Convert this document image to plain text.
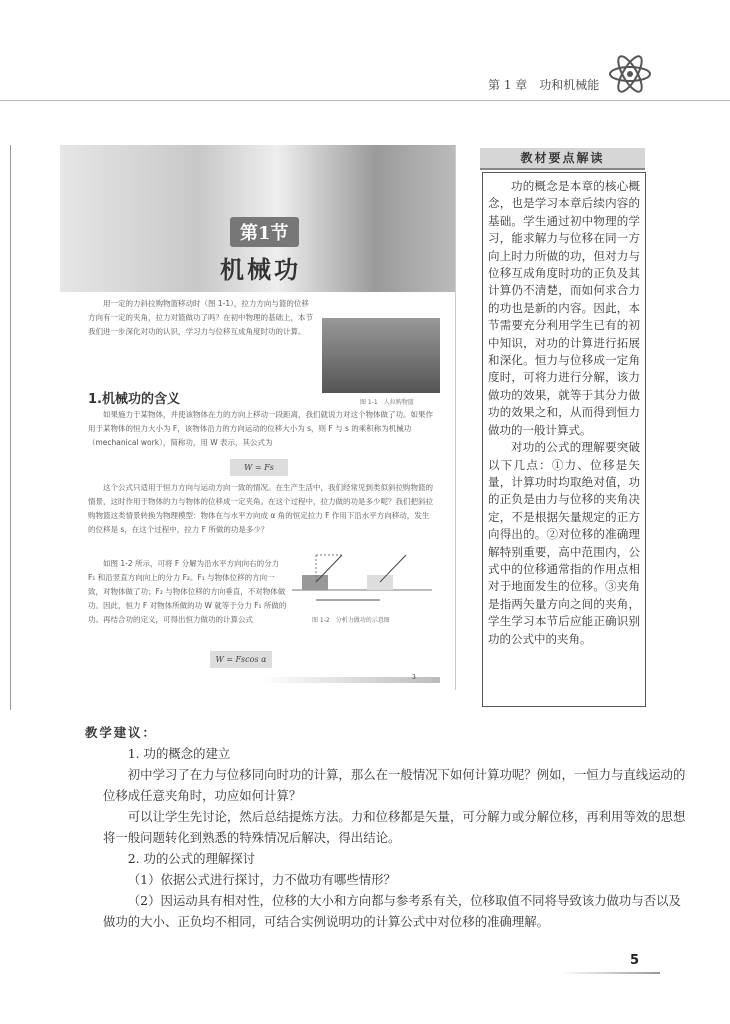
第 1 章　功和机械能
第1节
机械功
用一定的力斜拉购物篮移动时（图 1-1），拉力方向与篮的位移方向有一定的夹角，拉力对篮做功了吗？在初中物理的基础上，本节我们进一步深化对功的认识，学习力与位移互成角度时功的计算。
图 1-1　人拉购物篮
1.机械功的含义
如果施力于某物体，并使该物体在力的方向上移动一段距离，我们就说力对这个物体做了功。如果作用于某物体的恒力大小为 F，该物体沿力的方向运动的位移大小为 s，则 F 与 s 的乘积称为机械功（mechanical work），简称功，用 W 表示，其公式为
W = Fs
这个公式只适用于恒力方向与运动方向一致的情况。在生产生活中，我们经常见到类似斜拉购物篮的情景，这时作用于物体的力与物体的位移成一定夹角。在这个过程中，拉力做的功是多少呢？我们把斜拉购物篮这类情景转换为物理模型：物体在与水平方向成 α 角的恒定拉力 F 作用下沿水平方向移动，发生的位移是 s，在这个过程中，拉力 F 所做的功是多少？
如图 1-2 所示，可将 F 分解为沿水平方向向右的分力 F₁ 和沿竖直方向向上的分力 F₂。F₁ 与物体位移的方向一致，对物体做了功；F₂ 与物体位移的方向垂直，不对物体做功。因此，恒力 F 对物体所做的功 W 就等于分力 F₁ 所做的功。再结合功的定义，可得出恒力做功的计算公式	图 1-2　分析力做功的示意图
W = Fscos α
3
教材要点解读

功的概念是本章的核心概念，也是学习本章后续内容的基础。学生通过初中物理的学习，能求解力与位移在同一方向上时力所做的功，但对力与位移互成角度时功的正负及其计算仍不清楚，而如何求合力的功也是新的内容。因此，本节需要充分利用学生已有的初中知识，对功的计算进行拓展和深化。恒力与位移成一定角度时，可将力进行分解，该力做功的效果，就等于其分力做功的效果之和，从而得到恒力做功的一般计算式。

对功的公式的理解要突破以下几点：①力、位移是矢量，计算功时均取绝对值，功的正负是由力与位移的夹角决定，不是根据矢量规定的正方向得出的。②对位移的准确理解特别重要，高中范围内，公式中的位移通常指的作用点相对于地面发生的位移。③夹角是指两矢量方向之间的夹角，学生学习本节后应能正确识别功的公式中的夹角。

教学建议：

1. 功的概念的建立

初中学习了在力与位移同向时功的计算，那么在一般情况下如何计算功呢？例如，一恒力与直线运动的位移成任意夹角时，功应如何计算？

可以让学生先讨论，然后总结提炼方法。力和位移都是矢量，可分解力或分解位移，再利用等效的思想将一般问题转化到熟悉的特殊情况后解决，得出结论。

2. 功的公式的理解探讨

（1）依据公式进行探讨，力不做功有哪些情形？

（2）因运动具有相对性，位移的大小和方向都与参考系有关，位移取值不同将导致该力做功与否以及做功的大小、正负均不相同，可结合实例说明功的计算公式中对位移的准确理解。

5
